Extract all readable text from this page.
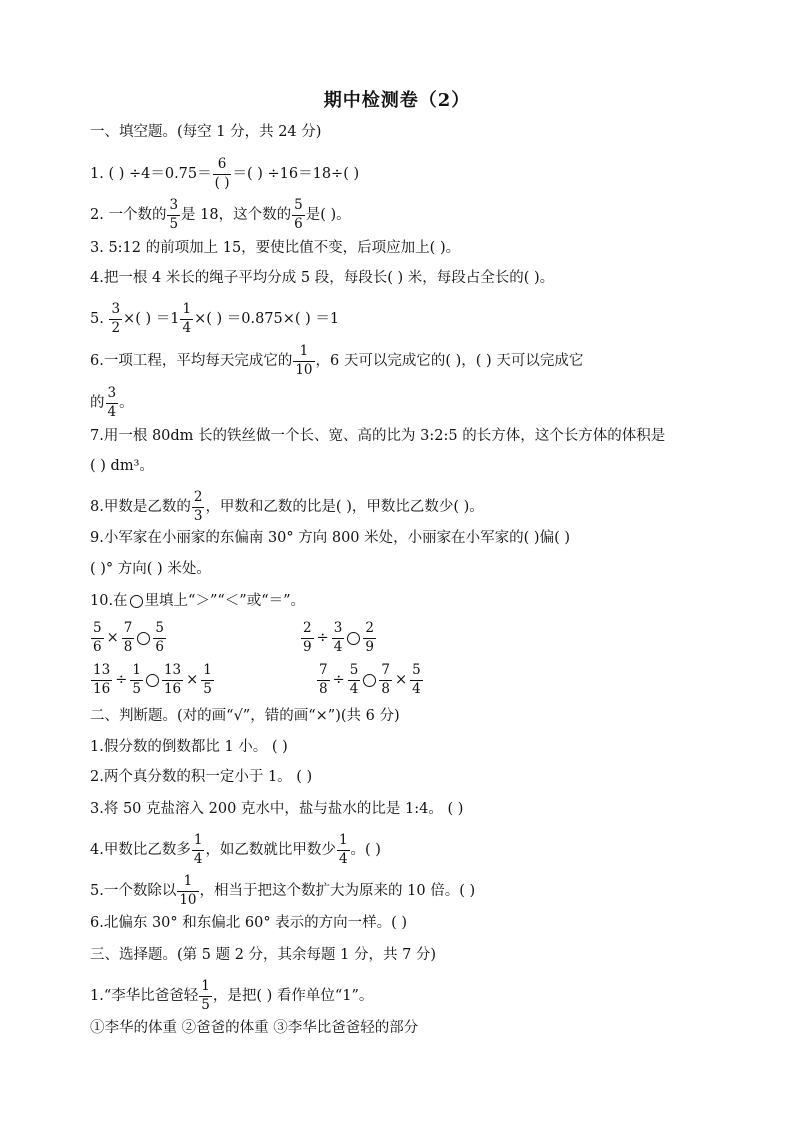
期中检测卷（2）
一、填空题。(每空 1 分，共 24 分)
1. ( ) $\div 4=0.75= \frac{6}{( )}$ ＝( ) ÷16＝18÷( )
2. 一个数的 $\frac{3}{5}$ 是 18，这个数的 $\frac{5}{6}$ 是( )。
3. 5:12 的前项加上 15，要使比值不变，后项应加上( )。
4.把一根 4 米长的绳子平均分成 5 段，每段长( ) 米，每段占全长的( )。
5. $\frac{3}{2}$ ×( ) $=1 \frac{1}{4}$ ×( ) ＝0.875×( ) ＝1
6.一项工程，平均每天完成它的 $\frac{1}{10}$ ，6 天可以完成它的( )，( ) 天可以完成它
的 $\frac{3}{4}$ 。
7.用一根 80dm 长的铁丝做一个长、宽、高的比为 3:2:5 的长方体，这个长方体的体积是
( ) dm³。
8.甲数是乙数的 $\frac{2}{3}$ ，甲数和乙数的比是( )，甲数比乙数少( )。
9.小军家在小丽家的东偏南 30° 方向 800 米处，小丽家在小军家的( )偏( )
( )° 方向( ) 米处。
10.在 里填上“＞”“＜”或“＝”。
$\frac{5}{6} \times \frac{7}{8} \frac{5}{6}$	$\frac{2}{9} \div \frac{3}{4} \frac{2}{9}$
$\frac{13}{16} \div \frac{1}{5} \frac{13}{16} \times \frac{1}{5}$	$\frac{7}{8} \div \frac{5}{4} \frac{7}{8} \times \frac{5}{4}$
二、判断题。(对的画“√”，错的画“×”)(共 6 分)
1.假分数的倒数都比 1 小。 ( )
2.两个真分数的积一定小于 1。 ( )
3.将 50 克盐溶入 200 克水中，盐与盐水的比是 1:4。 ( )
4.甲数比乙数多 $\frac{1}{4}$ ，如乙数就比甲数少 $\frac{1}{4}$ 。( )
5.一个数除以 $\frac{1}{10}$ ，相当于把这个数扩大为原来的 10 倍。( )
6.北偏东 30° 和东偏北 60° 表示的方向一样。( )
三、选择题。(第 5 题 2 分，其余每题 1 分，共 7 分)
1.“李华比爸爸轻 $\frac{1}{5}$ ，是把( ) 看作单位“1”。
①李华的体重 ②爸爸的体重 ③李华比爸爸轻的部分
